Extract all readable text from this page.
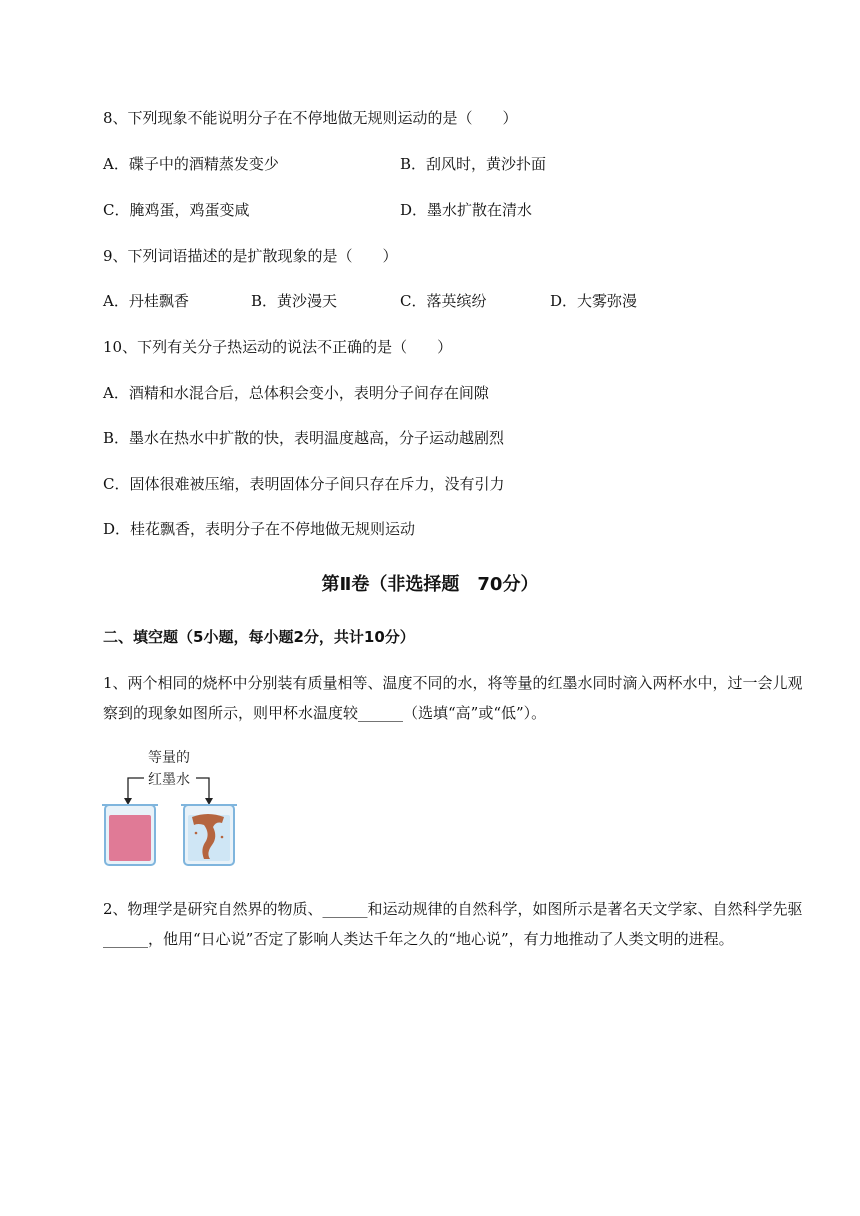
8、下列现象不能说明分子在不停地做无规则运动的是（　　）
A．碟子中的酒精蒸发变少	B．刮风时，黄沙扑面
C．腌鸡蛋，鸡蛋变咸	D．墨水扩散在清水
9、下列词语描述的是扩散现象的是（　　）
A．丹桂飘香	B．黄沙漫天	C．落英缤纷	D．大雾弥漫
10、下列有关分子热运动的说法不正确的是（　　）
A．酒精和水混合后，总体积会变小，表明分子间存在间隙
B．墨水在热水中扩散的快，表明温度越高，分子运动越剧烈
C．固体很难被压缩，表明固体分子间只存在斥力，没有引力
D．桂花飘香，表明分子在不停地做无规则运动
第Ⅱ卷（非选择题　70分）
二、填空题（5小题，每小题2分，共计10分）
1、两个相同的烧杯中分别装有质量相等、温度不同的水，将等量的红墨水同时滴入两杯水中，过一会儿观察到的现象如图所示，则甲杯水温度较______（选填“高”或“低”）。
等量的
红墨水
2、物理学是研究自然界的物质、______和运动规律的自然科学，如图所示是著名天文学家、自然科学先驱______，他用“日心说”否定了影响人类达千年之久的“地心说”，有力地推动了人类文明的进程。
